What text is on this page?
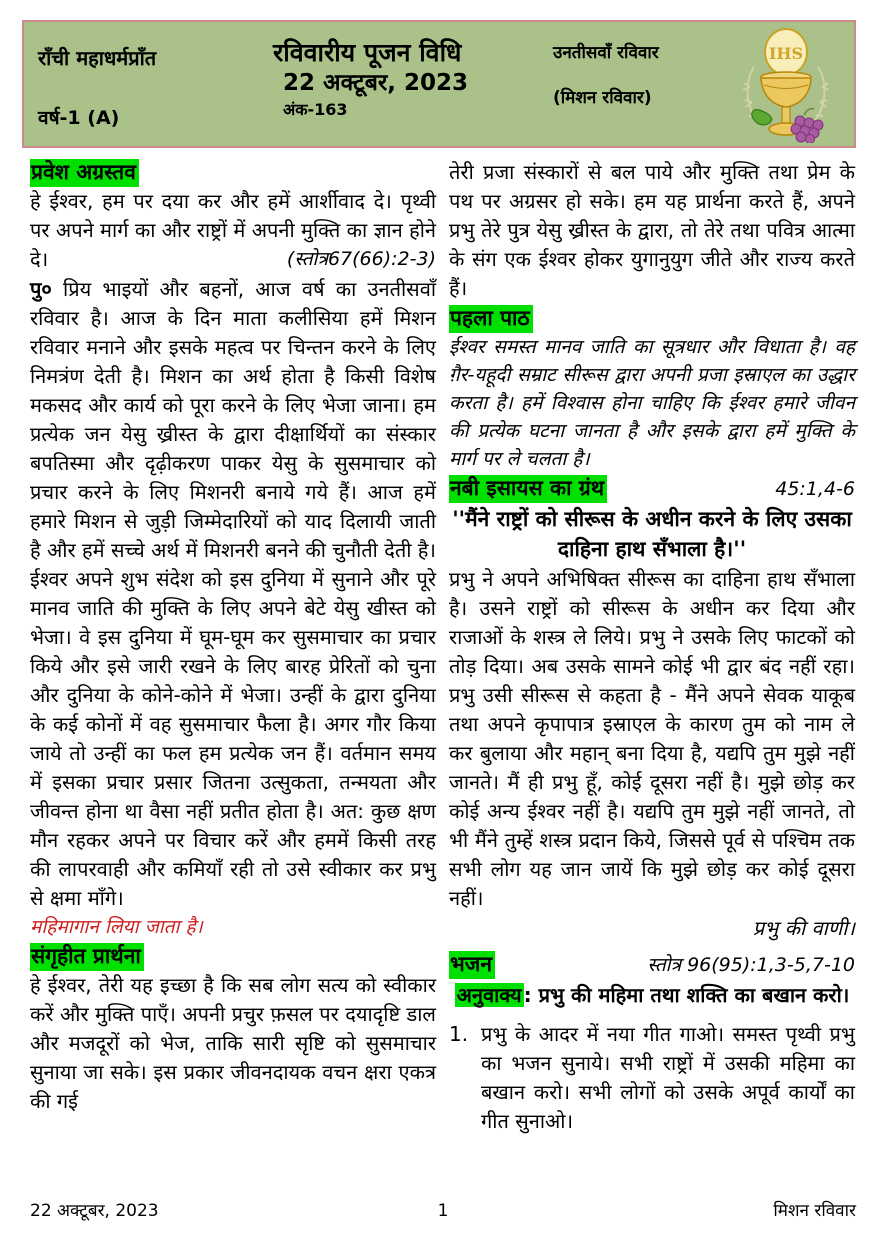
राँची महाधर्मप्राँत
वर्ष-1 (A)
रविवारीय पूजन विधि
22 अक्टूबर, 2023
अंक-163
उनतीसवाँ रविवार
(मिशन रविवार)
IHS
प्रवेश अग्रस्तव

हे ईश्वर, हम पर दया कर और हमें आर्शीवाद दे। पृथ्वी पर अपने मार्ग का और राष्ट्रों में अपनी मुक्ति का ज्ञान होने दे।	(स्तोत्र67(66):2-3)

पु० प्रिय भाइयों और बहनों, आज वर्ष का उनतीसवाँ रविवार है। आज के दिन माता कलीसिया हमें मिशन रविवार मनाने और इसके महत्व पर चिन्तन करने के लिए निमत्रंण देती है। मिशन का अर्थ होता है किसी विशेष मकसद और कार्य को पूरा करने के लिए भेजा जाना। हम प्रत्येक जन येसु ख्रीस्त के द्वारा दीक्षार्थियों का संस्कार बपतिस्मा और दृढ़ीकरण पाकर येसु के सुसमाचार को प्रचार करने के लिए मिशनरी बनाये गये हैं। आज हमें हमारे मिशन से जुड़ी जिम्मेदारियों को याद दिलायी जाती है और हमें सच्चे अर्थ में मिशनरी बनने की चुनौती देती है। ईश्वर अपने शुभ संदेश को इस दुनिया में सुनाने और पूरे मानव जाति की मुक्ति के लिए अपने बेटे येसु खीस्त को भेजा। वे इस दुनिया में घूम-घूम कर सुसमाचार का प्रचार किये और इसे जारी रखने के लिए बारह प्रेरितों को चुना और दुनिया के कोने-कोने में भेजा। उन्हीं के द्वारा दुनिया के कई कोनों में वह सुसमाचार फैला है। अगर गौर किया जाये तो उन्हीं का फल हम प्रत्येक जन हैं। वर्तमान समय में इसका प्रचार प्रसार जितना उत्सुकता, तन्मयता और जीवन्त होना था वैसा नहीं प्रतीत होता है। अत: कुछ क्षण मौन रहकर अपने पर विचार करें और हममें किसी तरह की लापरवाही और कमियाँ रही तो उसे स्वीकार कर प्रभु से क्षमा माँगे।

महिमागान लिया जाता है।

संगृहीत प्रार्थना

हे ईश्वर, तेरी यह इच्छा है कि सब लोग सत्य को स्वीकार करें और मुक्ति पाएँ। अपनी प्रचुर फ़सल पर दयादृष्टि डाल और मजदूरों को भेज, ताकि सारी सृष्टि को सुसमाचार सुनाया जा सके। इस प्रकार जीवनदायक वचन क्षरा एकत्र की गई

तेरी प्रजा संस्कारों से बल पाये और मुक्ति तथा प्रेम के पथ पर अग्रसर हो सके। हम यह प्रार्थना करते हैं, अपने प्रभु तेरे पुत्र येसु ख्रीस्त के द्वारा, तो तेरे तथा पवित्र आत्मा के संग एक ईश्वर होकर युगानुयुग जीते और राज्य करते हैं।

पहला पाठ

ईश्वर समस्त मानव जाति का सूत्रधार और विधाता है। वह ग़ैर-यहूदी सम्राट सीरूस द्वारा अपनी प्रजा इस्राएल का उद्धार करता है। हमें विश्वास होना चाहिए कि ईश्वर हमारे जीवन की प्रत्येक घटना जानता है और इसके द्वारा हमें मुक्ति के मार्ग पर ले चलता है।

नबी इसायस का ग्रंथ	45:1,4-6

''मैंने राष्ट्रों को सीरूस के अधीन करने के लिए उसका दाहिना हाथ सँभाला है।''

प्रभु ने अपने अभिषिक्त सीरूस का दाहिना हाथ सँभाला है। उसने राष्ट्रों को सीरूस के अधीन कर दिया और राजाओं के शस्त्र ले लिये। प्रभु ने उसके लिए फाटकों को तोड़ दिया। अब उसके सामने कोई भी द्वार बंद नहीं रहा। प्रभु उसी सीरूस से कहता है - मैंने अपने सेवक याकूब तथा अपने कृपापात्र इस्राएल के कारण तुम को नाम ले कर बुलाया और महान् बना दिया है, यद्यपि तुम मुझे नहीं जानते। मैं ही प्रभु हूँ, कोई दूसरा नहीं है। मुझे छोड़ कर कोई अन्य ईश्वर नहीं है। यद्यपि तुम मुझे नहीं जानते, तो भी मैंने तुम्हें शस्त्र प्रदान किये, जिससे पूर्व से पश्चिम तक सभी लोग यह जान जायें कि मुझे छोड़ कर कोई दूसरा नहीं।

प्रभु की वाणी।

भजन	स्तोत्र 96(95):1,3-5,7-10

अनुवाक्य : प्रभु की महिमा तथा शक्ति का बखान करो।

1. प्रभु के आदर में नया गीत गाओ। समस्त पृथ्वी प्रभु का भजन सुनाये। सभी राष्ट्रों में उसकी महिमा का बखान करो। सभी लोगों को उसके अपूर्व कार्यों का गीत सुनाओ।
22 अक्टूबर, 2023	1	मिशन रविवार
